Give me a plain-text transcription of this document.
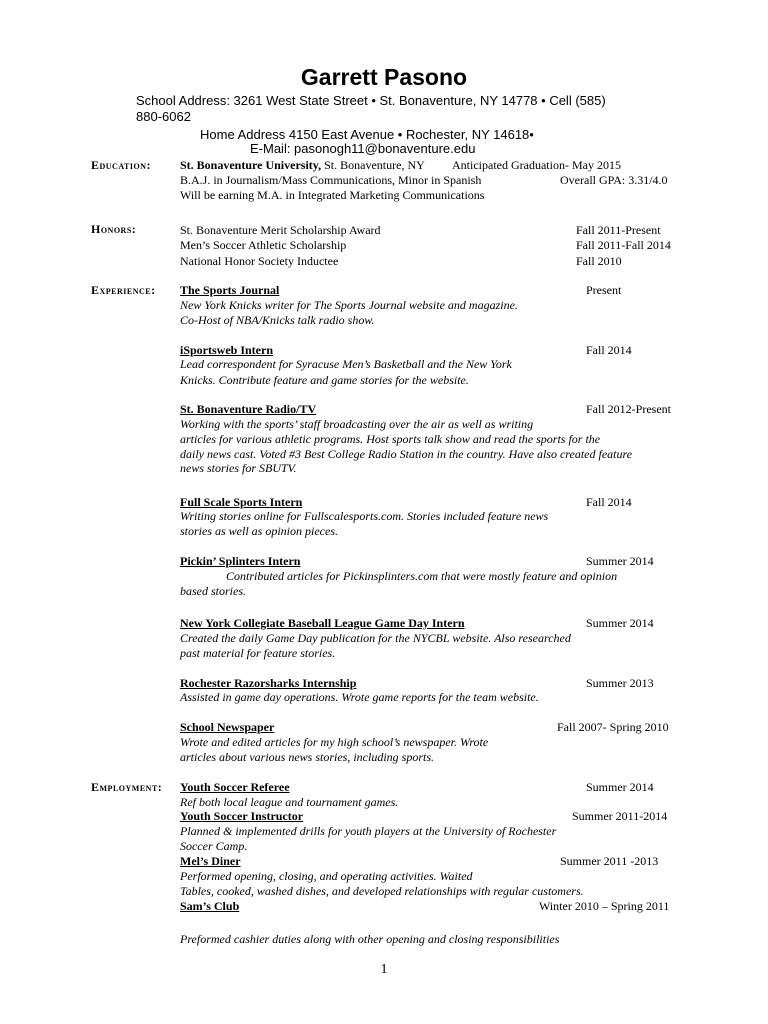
Garrett Pasono
School Address: 3261 West State Street • St. Bonaventure, NY 14778 • Cell (585)
880-6062
Home Address 4150 East Avenue • Rochester, NY 14618•
E-Mail: pasonogh11@bonaventure.edu
Education: St. Bonaventure University, St. Bonaventure, NY Anticipated Graduation- May 2015
B.A.J. in Journalism/Mass Communications, Minor in Spanish	Overall GPA: 3.31/4.0
Will be earning M.A. in Integrated Marketing Communications
Honors:	St. Bonaventure Merit Scholarship Award	Fall 2011-Present
Men’s Soccer Athletic Scholarship	Fall 2011-Fall 2014
National Honor Society Inductee	Fall 2010
Experience: The Sports Journal	Present
New York Knicks writer for The Sports Journal website and magazine.
Co-Host of NBA/Knicks talk radio show.
iSportsweb Intern	Fall 2014
Lead correspondent for Syracuse Men’s Basketball and the New York
Knicks. Contribute feature and game stories for the website.
St. Bonaventure Radio/TV	Fall 2012-Present
Working with the sports’ staff broadcasting over the air as well as writing
articles for various athletic programs. Host sports talk show and read the sports for the
daily news cast. Voted #3 Best College Radio Station in the country. Have also created feature
news stories for SBUTV.
Full Scale Sports Intern	Fall 2014
Writing stories online for Fullscalesports.com. Stories included feature news
stories as well as opinion pieces.
Pickin’ Splinters Intern	Summer 2014
Contributed articles for Pickinsplinters.com that were mostly feature and opinion
based stories.
New York Collegiate Baseball League Game Day Intern	Summer 2014
Created the daily Game Day publication for the NYCBL website. Also researched
past material for feature stories.
Rochester Razorsharks Internship	Summer 2013
Assisted in game day operations. Wrote game reports for the team website.
School Newspaper	Fall 2007- Spring 2010
Wrote and edited articles for my high school’s newspaper. Wrote
articles about various news stories, including sports.
Employment: Youth Soccer Referee	Summer 2014
Ref both local league and tournament games.
Youth Soccer Instructor	Summer 2011-2014
Planned & implemented drills for youth players at the University of Rochester
Soccer Camp.
Mel’s Diner	Summer 2011 -2013
Performed opening, closing, and operating activities. Waited
Tables, cooked, washed dishes, and developed relationships with regular customers.
Sam’s Club	Winter 2010 – Spring 2011
Preformed cashier duties along with other opening and closing responsibilities
1
